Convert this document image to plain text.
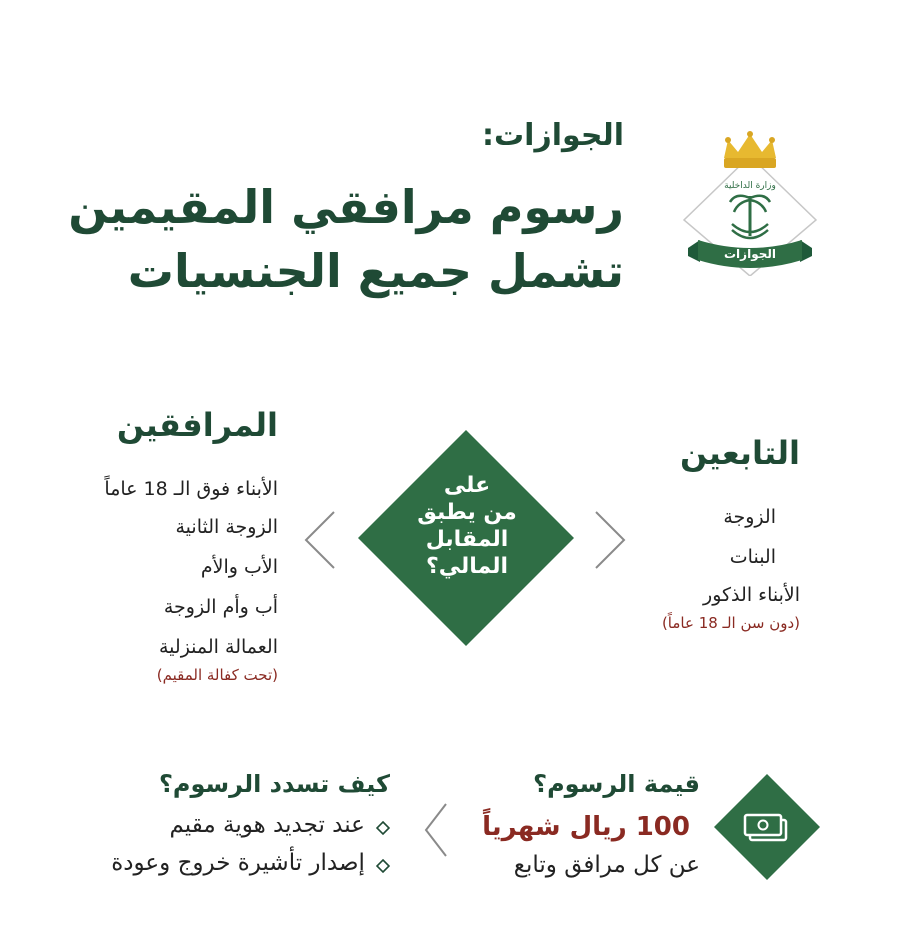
الجوازات:
رسوم مرافقي المقيمين
تشمل جميع الجنسيات
وزارة الداخلية
الجوازات
على
من يطبق
المقابل
المالي؟
المرافقين
الأبناء فوق الـ 18 عاماً
الزوجة الثانية
الأب والأم
أب وأم الزوجة
العمالة المنزلية
(تحت كفالة المقيم)
التابعين
الزوجة
البنات
الأبناء الذكور
(دون سن الـ 18 عاماً)
قيمة الرسوم؟
100 ريال شهرياً
عن كل مرافق وتابع
كيف تسدد الرسوم؟
عند تجديد هوية مقيم
إصدار تأشيرة خروج وعودة
